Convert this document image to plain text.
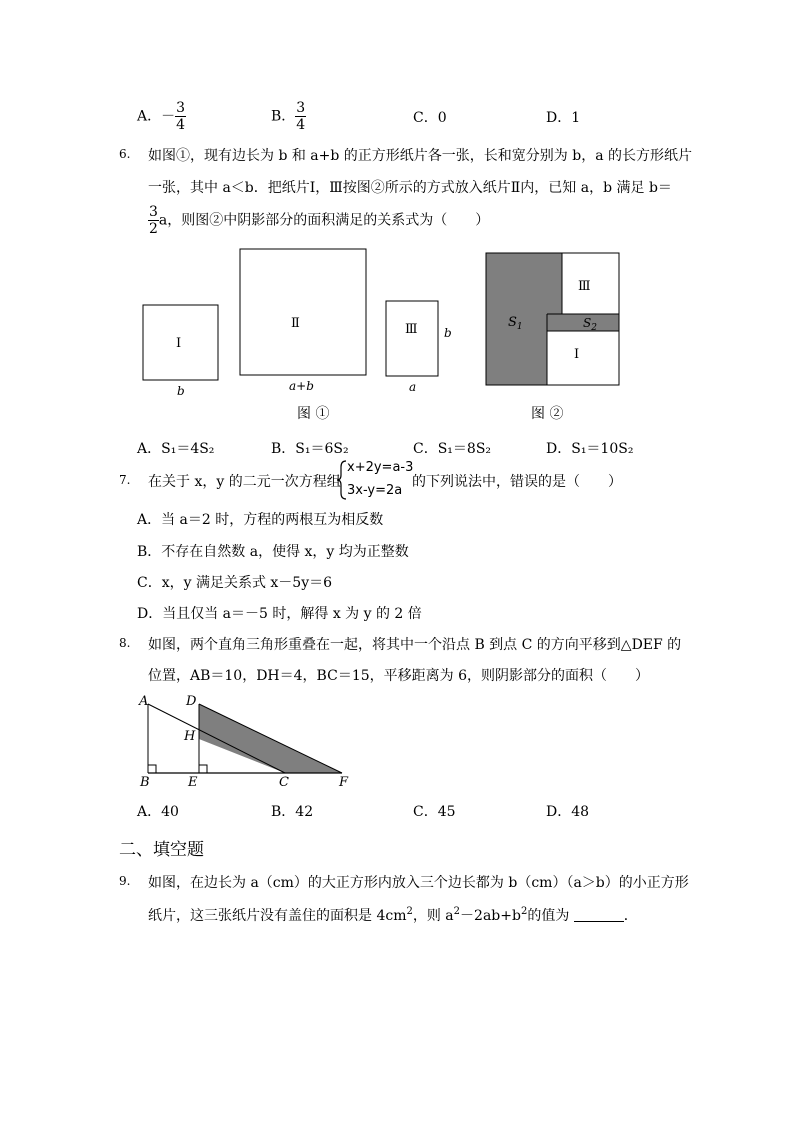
A．－ $\frac{3}{4}$	B． $\frac{3}{4}$	C．0	D．1
6. 如图①，现有边长为 b 和 a+b 的正方形纸片各一张，长和宽分别为 b，a 的长方形纸片
一张，其中 a＜b．把纸片Ⅰ，Ⅲ按图②所示的方式放入纸片Ⅱ内，已知 a，b 满足 b＝
$\frac{3}{2}$ a，则图②中阴影部分的面积满足的关系式为（　　）
Ⅰ
b
Ⅱ
a+b
Ⅲ
a
b
图 ①
$S_1$	$S_2$
Ⅲ
Ⅰ
图 ②
A．S₁＝4S₂	B．S₁＝6S₂	C．S₁＝8S₂	D．S₁＝10S₂
7. 在关于 x，y 的二元一次方程组
x+2y=a-3
3x-y=2a
的下列说法中，错误的是（　　）
A．当 a＝2 时，方程的两根互为相反数
B．不存在自然数 a，使得 x，y 均为正整数
C．x，y 满足关系式 x－5y＝6
D．当且仅当 a＝－5 时，解得 x 为 y 的 2 倍
8. 如图，两个直角三角形重叠在一起，将其中一个沿点 B 到点 C 的方向平移到△DEF 的
位置，AB＝10，DH＝4，BC＝15，平移距离为 6，则阴影部分的面积（　　）
A	D
H
B	E	C	F
A．40	B．42	C．45	D．48
二、填空题
9. 如图，在边长为 a（cm）的大正方形内放入三个边长都为 b（cm）（a＞b）的小正方形
纸片，这三张纸片没有盖住的面积是 $4cm^2$，则 $a^2-2ab+b^2$的值为	．
